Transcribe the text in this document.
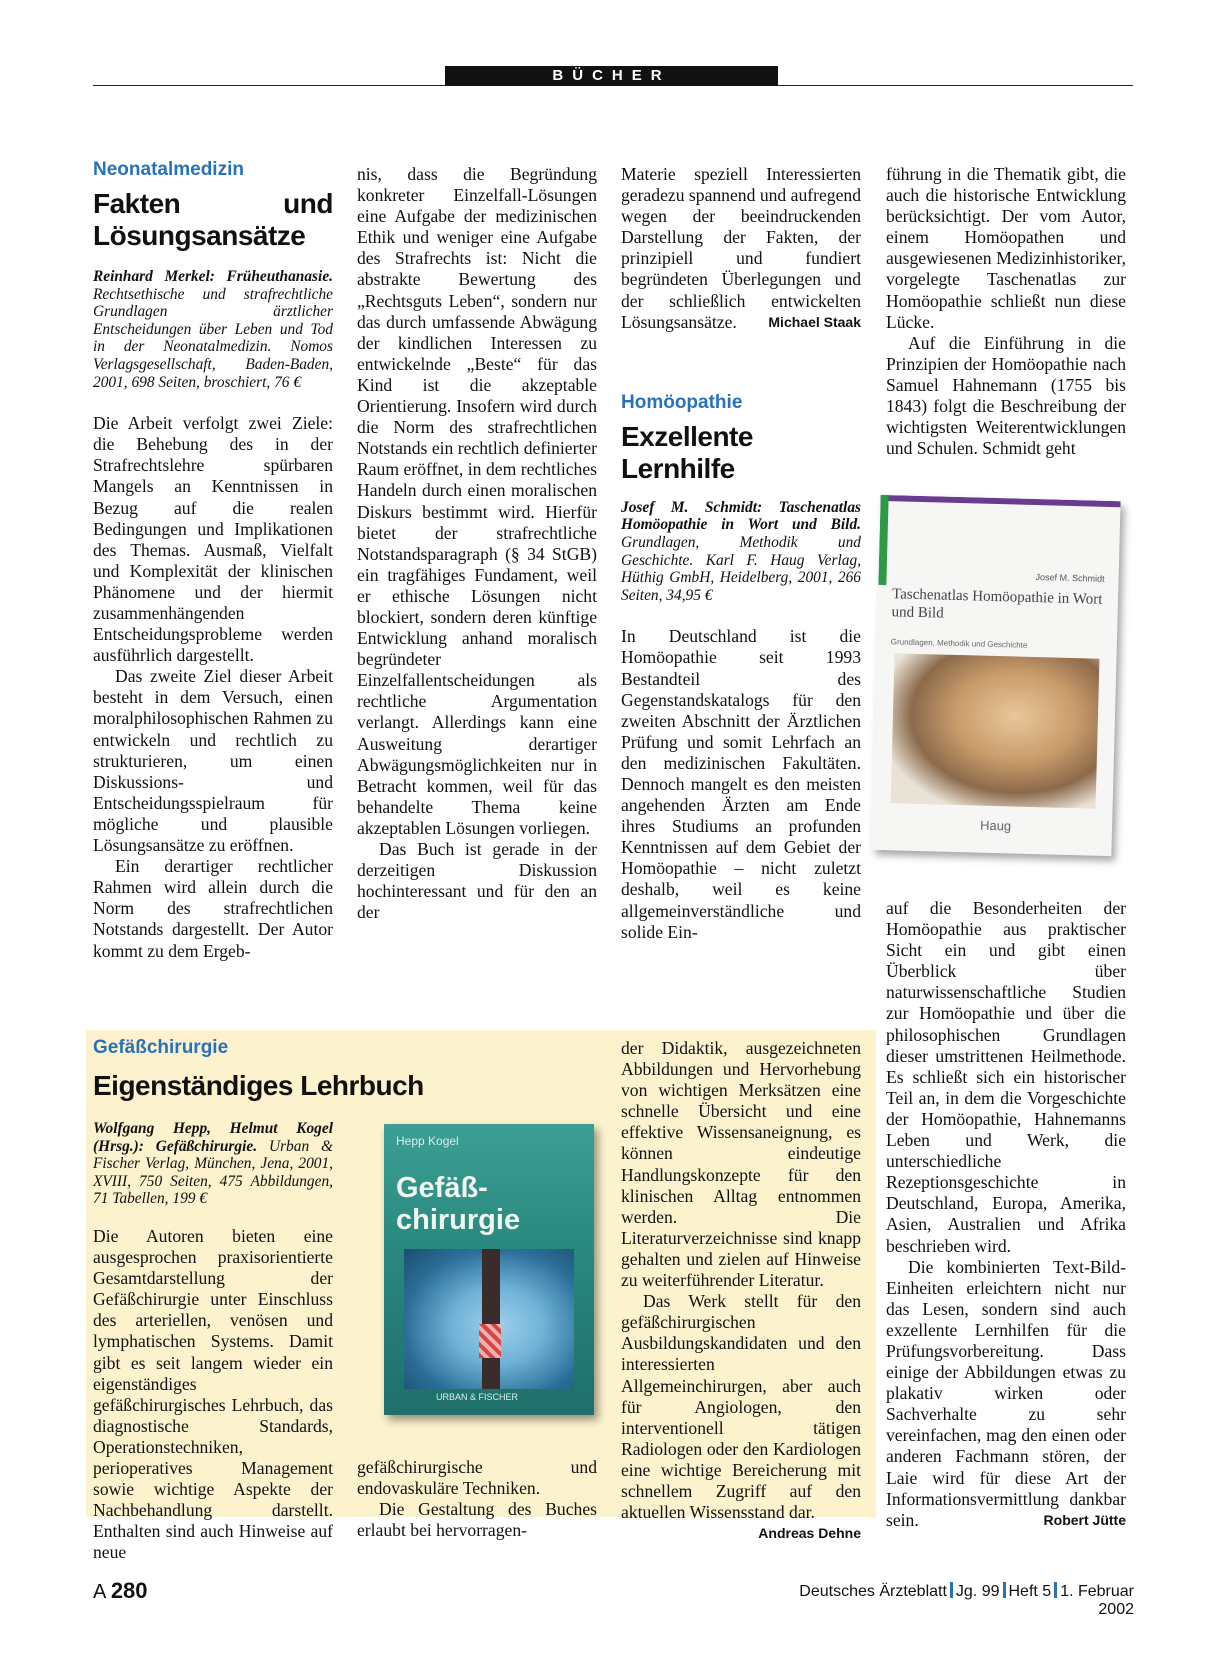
BÜCHER
Neonatalmedizin
Fakten und Lösungsansätze
Reinhard Merkel: Früheuthanasie. Rechtsethische und strafrechtliche Grundlagen ärztlicher Entscheidungen über Leben und Tod in der Neonatalmedizin. Nomos Verlagsgesellschaft, Baden-Baden, 2001, 698 Seiten, broschiert, 76 €

Die Arbeit verfolgt zwei Ziele: die Behebung des in der Strafrechtslehre spürbaren Mangels an Kenntnissen in Bezug auf die realen Bedingungen und Implikationen des Themas. Ausmaß, Vielfalt und Komplexität der klinischen Phänomene und der hiermit zusammenhängenden Entscheidungsprobleme werden ausführlich dargestellt.

Das zweite Ziel dieser Arbeit besteht in dem Versuch, einen moralphilosophischen Rahmen zu entwickeln und rechtlich zu strukturieren, um einen Diskussions- und Entscheidungsspielraum für mögliche und plausible Lösungsansätze zu eröffnen.

Ein derartiger rechtlicher Rahmen wird allein durch die Norm des strafrechtlichen Notstands dargestellt. Der Autor kommt zu dem Ergeb-

nis, dass die Begründung konkreter Einzelfall-Lösungen eine Aufgabe der medizinischen Ethik und weniger eine Aufgabe des Strafrechts ist: Nicht die abstrakte Bewertung des „Rechtsguts Leben“, sondern nur das durch umfassende Abwägung der kindlichen Interessen zu entwickelnde „Beste“ für das Kind ist die akzeptable Orientierung. Insofern wird durch die Norm des strafrechtlichen Notstands ein rechtlich definierter Raum eröffnet, in dem rechtliches Handeln durch einen moralischen Diskurs bestimmt wird. Hierfür bietet der strafrechtliche Notstandsparagraph (§ 34 StGB) ein tragfähiges Fundament, weil er ethische Lösungen nicht blockiert, sondern deren künftige Entwicklung anhand moralisch begründeter Einzelfallentscheidungen als rechtliche Argumentation verlangt. Allerdings kann eine Ausweitung derartiger Abwägungsmöglichkeiten nur in Betracht kommen, weil für das behandelte Thema keine akzeptablen Lösungen vorliegen.

Das Buch ist gerade in der derzeitigen Diskussion hochinteressant und für den an der

Materie speziell Interessierten geradezu spannend und aufregend wegen der beeindruckenden Darstellung der Fakten, der prinzipiell und fundiert begründeten Überlegungen und der schließlich entwickelten Lösungsansätze. Michael Staak

Homöopathie
Exzellente
Lernhilfe
Josef M. Schmidt: Taschenatlas Homöopathie in Wort und Bild. Grundlagen, Methodik und Geschichte. Karl F. Haug Verlag, Hüthig GmbH, Heidelberg, 2001, 266 Seiten, 34,95 €

In Deutschland ist die Homöopathie seit 1993 Bestandteil des Gegenstandskatalogs für den zweiten Abschnitt der Ärztlichen Prüfung und somit Lehrfach an den medizinischen Fakultäten. Dennoch mangelt es den meisten angehenden Ärzten am Ende ihres Studiums an profunden Kenntnissen auf dem Gebiet der Homöopathie – nicht zuletzt deshalb, weil es keine allgemeinverständliche und solide Ein-

führung in die Thematik gibt, die auch die historische Entwicklung berücksichtigt. Der vom Autor, einem Homöopathen und ausgewiesenen Medizinhistoriker, vorgelegte Taschenatlas zur Homöopathie schließt nun diese Lücke.

Auf die Einführung in die Prinzipien der Homöopathie nach Samuel Hahnemann (1755 bis 1843) folgt die Beschreibung der wichtigsten Weiterentwicklungen und Schulen. Schmidt geht

auf die Besonderheiten der Homöopathie aus praktischer Sicht ein und gibt einen Überblick über naturwissenschaftliche Studien zur Homöopathie und über die philosophischen Grundlagen dieser umstrittenen Heilmethode. Es schließt sich ein historischer Teil an, in dem die Vorgeschichte der Homöopathie, Hahnemanns Leben und Werk, die unterschiedliche Rezeptionsgeschichte in Deutschland, Europa, Amerika, Asien, Australien und Afrika beschrieben wird.

Die kombinierten Text-Bild-Einheiten erleichtern nicht nur das Lesen, sondern sind auch exzellente Lernhilfen für die Prüfungsvorbereitung. Dass einige der Abbildungen etwas zu plakativ wirken oder Sachverhalte zu sehr vereinfachen, mag den einen oder anderen Fachmann stören, der Laie wird für diese Art der Informationsvermittlung dankbar sein.	Robert Jütte

Josef M. Schmidt
Taschenatlas Homöopathie in Wort und Bild
Grundlagen, Methodik und Geschichte
Haug
Gefäßchirurgie
Eigenständiges Lehrbuch
Wolfgang Hepp, Helmut Kogel (Hrsg.): Gefäßchirurgie. Urban & Fischer Verlag, München, Jena, 2001, XVIII, 750 Seiten, 475 Abbildungen, 71 Tabellen, 199 €

Die Autoren bieten eine ausgesprochen praxisorientierte Gesamtdarstellung der Gefäßchirurgie unter Einschluss des arteriellen, venösen und lymphatischen Systems. Damit gibt es seit langem wieder ein eigenständiges gefäßchirurgisches Lehrbuch, das diagnostische Standards, Operationstechniken, perioperatives Management sowie wichtige Aspekte der Nachbehandlung darstellt. Enthalten sind auch Hinweise auf neue

Hepp Kogel
Gefäß-
chirurgie
URBAN & FISCHER

gefäßchirurgische und endovaskuläre Techniken.

Die Gestaltung des Buches erlaubt bei hervorragen-

der Didaktik, ausgezeichneten Abbildungen und Hervorhebung von wichtigen Merksätzen eine schnelle Übersicht und eine effektive Wissensaneignung, es können eindeutige Handlungskonzepte für den klinischen Alltag entnommen werden. Die Literaturverzeichnisse sind knapp gehalten und zielen auf Hinweise zu weiterführender Literatur.

Das Werk stellt für den gefäßchirurgischen Ausbildungskandidaten und den interessierten Allgemeinchirurgen, aber auch für Angiologen, den interventionell tätigen Radiologen oder den Kardiologen eine wichtige Bereicherung mit schnellem Zugriff auf den aktuellen Wissensstand dar.
Andreas Dehne

A 280	Deutsches Ärzteblatt Jg. 99 Heft 5 1. Februar 2002
